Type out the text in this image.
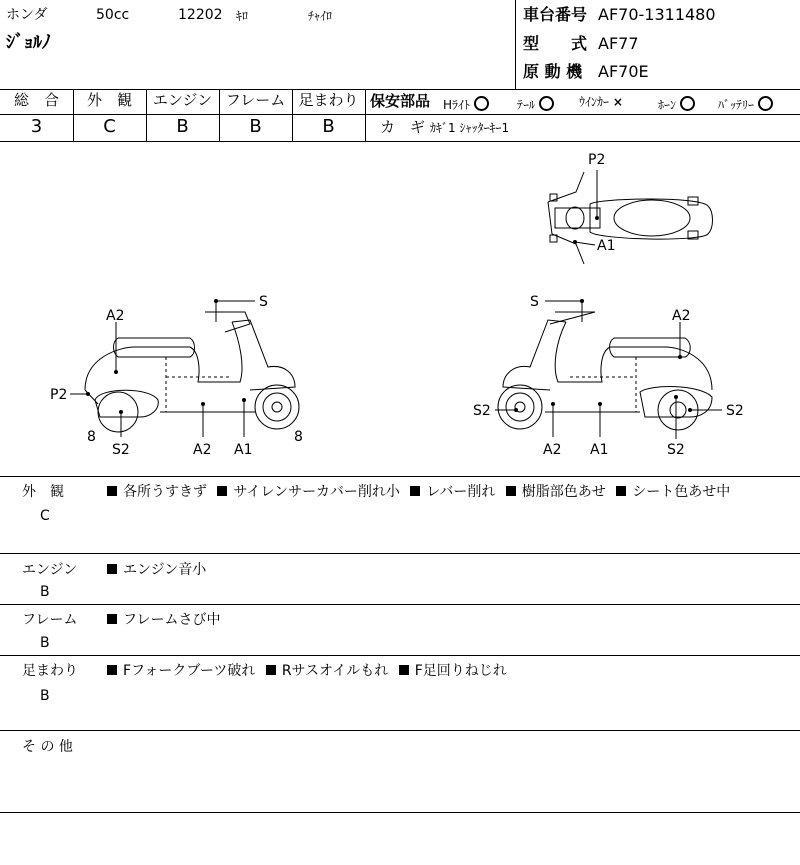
ホンダ	50cc	12202 ｷﾛ	ﾁｬｲﾛ
ｼﾞｮﾙﾉ
車台番号 AF70-1311480
型　　式 AF77
原 動 機 AF70E
総　合	外　観	エンジン フレーム 足まわり
3	C	B	B	B
保安部品 Hﾗｲﾄ	ﾃｰﾙ	ｳｲﾝｶｰ ×	ﾎｰﾝ	ﾊﾞｯﾃﾘｰ
カ　ギ ｶｷﾞ1 ｼｬｯﾀｰｷｰ1
P2
A1
S
A2
P2
8
S2	A2 A1
8
S
A2
S2
A2 A1	S2
S2
外　観
C
各所うすきず サイレンサーカバー削れ小 レバー削れ 樹脂部色あせ シート色あせ中
エンジン
B
エンジン音小
フレーム
B
フレームさび中
足まわり
B
Fフォークブーツ破れ Rサスオイルもれ F足回りねじれ
そ の 他
